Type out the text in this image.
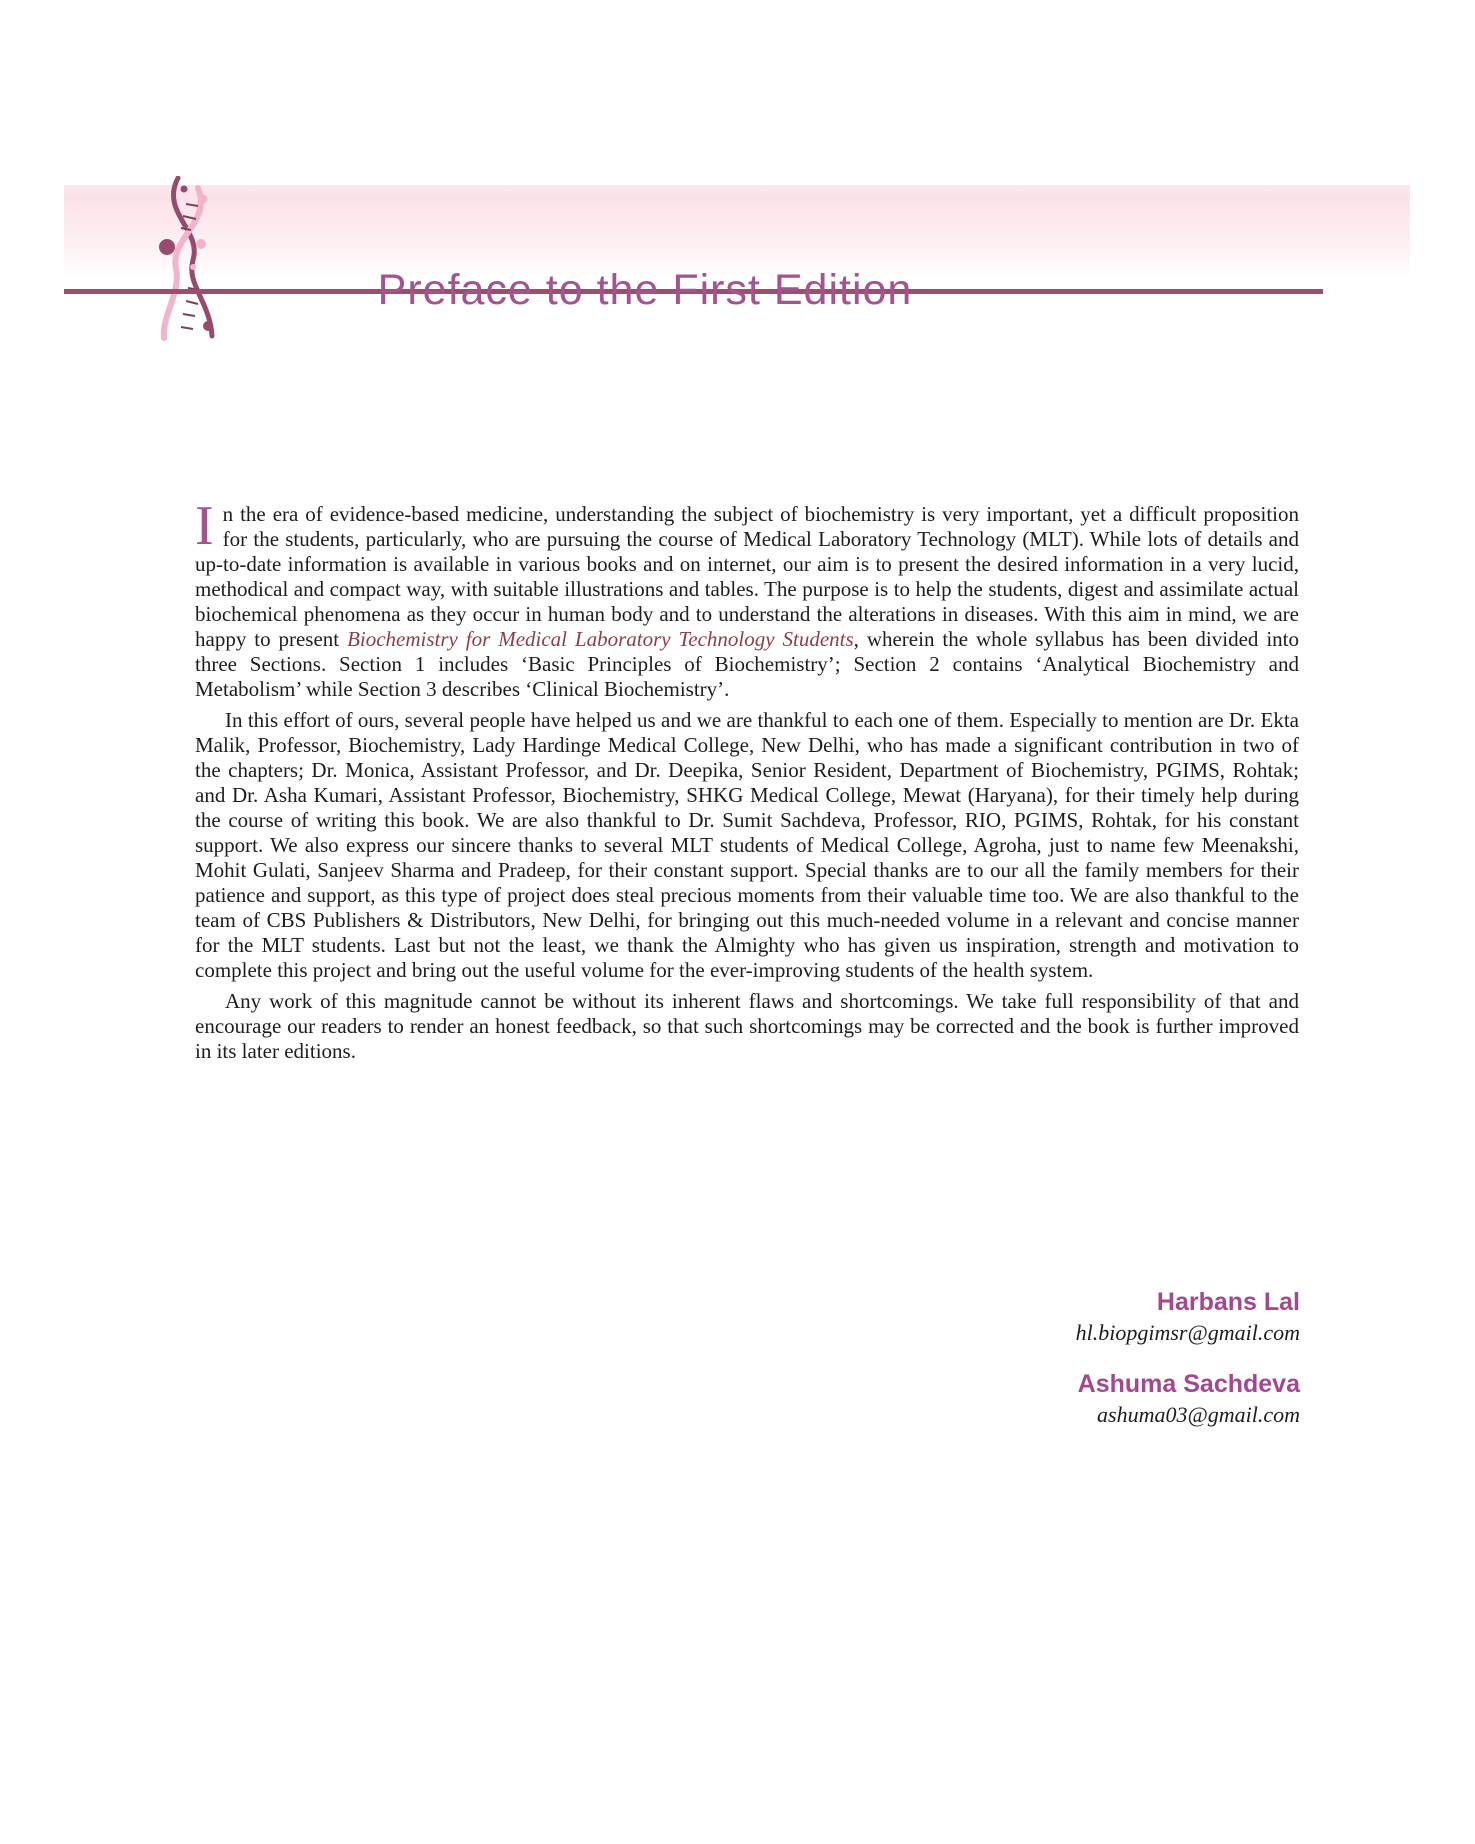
Preface to the First Edition

In the era of evidence-based medicine, understanding the subject of biochemistry is very important, yet a difficult proposition for the students, particularly, who are pursuing the course of Medical Laboratory Technology (MLT). While lots of details and up-to-date information is available in various books and on internet, our aim is to present the desired information in a very lucid, methodical and compact way, with suitable illustrations and tables. The purpose is to help the students, digest and assimilate actual biochemical phenomena as they occur in human body and to understand the alterations in diseases. With this aim in mind, we are happy to present Biochemistry for Medical Laboratory Technology Students, wherein the whole syllabus has been divided into three Sections. Section 1 includes ‘Basic Principles of Biochemistry’; Section 2 contains ‘Analytical Biochemistry and Metabolism’ while Section 3 describes ‘Clinical Biochemistry’.

In this effort of ours, several people have helped us and we are thankful to each one of them. Especially to mention are Dr. Ekta Malik, Professor, Biochemistry, Lady Hardinge Medical College, New Delhi, who has made a significant contribution in two of the chapters; Dr. Monica, Assistant Professor, and Dr. Deepika, Senior Resident, Department of Biochemistry, PGIMS, Rohtak; and Dr. Asha Kumari, Assistant Professor, Biochemistry, SHKG Medical College, Mewat (Haryana), for their timely help during the course of writing this book. We are also thankful to Dr. Sumit Sachdeva, Professor, RIO, PGIMS, Rohtak, for his constant support. We also express our sincere thanks to several MLT students of Medical College, Agroha, just to name few Meenakshi, Mohit Gulati, Sanjeev Sharma and Pradeep, for their constant support. Special thanks are to our all the family members for their patience and support, as this type of project does steal precious moments from their valuable time too. We are also thankful to the team of CBS Publishers & Distributors, New Delhi, for bringing out this much-needed volume in a relevant and concise manner for the MLT students. Last but not the least, we thank the Almighty who has given us inspiration, strength and motivation to complete this project and bring out the useful volume for the ever-improving students of the health system.

Any work of this magnitude cannot be without its inherent flaws and shortcomings. We take full responsibility of that and encourage our readers to render an honest feedback, so that such shortcomings may be corrected and the book is further improved in its later editions.

Harbans Lal
hl.biopgimsr@gmail.com
Ashuma Sachdeva
ashuma03@gmail.com
